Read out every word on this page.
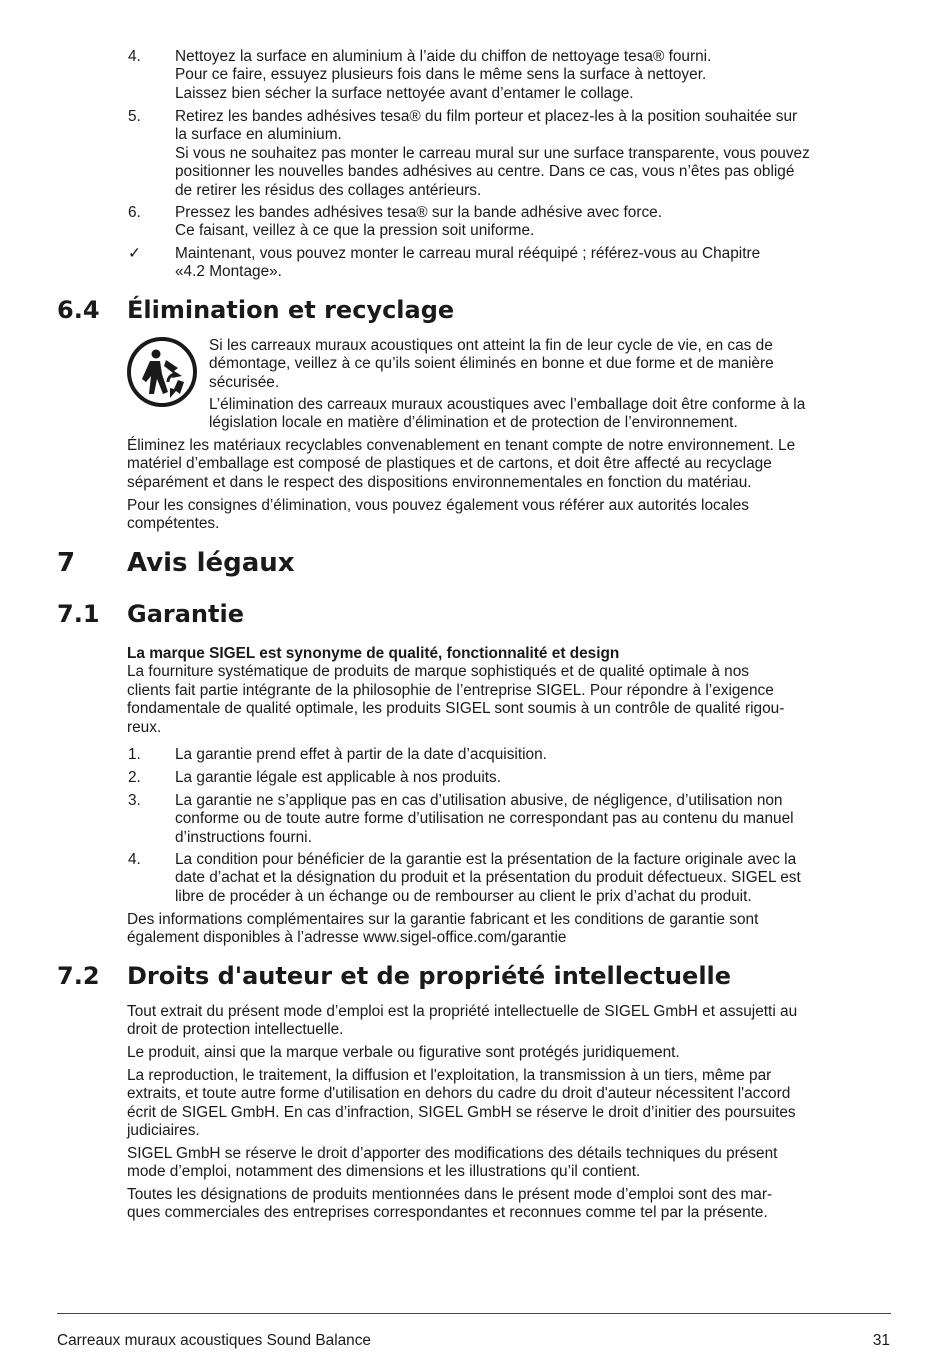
4.	Nettoyez la surface en aluminium à l’aide du chiffon de nettoyage tesa® fourni.
Pour ce faire, essuyez plusieurs fois dans le même sens la surface à nettoyer.
Laissez bien sécher la surface nettoyée avant d’entamer le collage.
5.	Retirez les bandes adhésives tesa® du film porteur et placez-les à la position souhaitée sur
la surface en aluminium.
Si vous ne souhaitez pas monter le carreau mural sur une surface transparente, vous pouvez
positionner les nouvelles bandes adhésives au centre. Dans ce cas, vous n’êtes pas obligé
de retirer les résidus des collages antérieurs.
6.	Pressez les bandes adhésives tesa® sur la bande adhésive avec force.
Ce faisant, veillez à ce que la pression soit uniforme.
✓	Maintenant, vous pouvez monter le carreau mural rééquipé ; référez-vous au Chapitre
«4.2 Montage».
6.4 Élimination et recyclage

Si les carreaux muraux acoustiques ont atteint la fin de leur cycle de vie, en cas de

démontage, veillez à ce qu’ils soient éliminés en bonne et due forme et de manière

sécurisée.

L’élimination des carreaux muraux acoustiques avec l’emballage doit être conforme à la

législation locale en matière d’élimination et de protection de l’environnement.

Éliminez les matériaux recyclables convenablement en tenant compte de notre environnement. Le

matériel d’emballage est composé de plastiques et de cartons, et doit être affecté au recyclage

séparément et dans le respect des dispositions environnementales en fonction du matériau.

Pour les consignes d’élimination, vous pouvez également vous référer aux autorités locales

compétentes.

7 Avis légaux
7.1 Garantie

La marque SIGEL est synonyme de qualité, fonctionnalité et design

La fourniture systématique de produits de marque sophistiqués et de qualité optimale à nos

clients fait partie intégrante de la philosophie de l’entreprise SIGEL. Pour répondre à l’exigence

fondamentale de qualité optimale, les produits SIGEL sont soumis à un contrôle de qualité rigou-

reux.

1.	La garantie prend effet à partir de la date d’acquisition.
2.	La garantie légale est applicable à nos produits.
3.	La garantie ne s’applique pas en cas d’utilisation abusive, de négligence, d’utilisation non
conforme ou de toute autre forme d’utilisation ne correspondant pas au contenu du manuel
d’instructions fourni.
4.	La condition pour bénéficier de la garantie est la présentation de la facture originale avec la
date d’achat et la désignation du produit et la présentation du produit défectueux. SIGEL est
libre de procéder à un échange ou de rembourser au client le prix d’achat du produit.

Des informations complémentaires sur la garantie fabricant et les conditions de garantie sont

également disponibles à l’adresse www.sigel-office.com/garantie

7.2 Droits d'auteur et de propriété intellectuelle

Tout extrait du présent mode d’emploi est la propriété intellectuelle de SIGEL GmbH et assujetti au

droit de protection intellectuelle.

Le produit, ainsi que la marque verbale ou figurative sont protégés juridiquement.

La reproduction, le traitement, la diffusion et l'exploitation, la transmission à un tiers, même par

extraits, et toute autre forme d'utilisation en dehors du cadre du droit d'auteur nécessitent l'accord

écrit de SIGEL GmbH. En cas d’infraction, SIGEL GmbH se réserve le droit d’initier des poursuites

judiciaires.

SIGEL GmbH se réserve le droit d’apporter des modifications des détails techniques du présent

mode d’emploi, notamment des dimensions et les illustrations qu’il contient.

Toutes les désignations de produits mentionnées dans le présent mode d’emploi sont des mar-

ques commerciales des entreprises correspondantes et reconnues comme tel par la présente.

Carreaux muraux acoustiques Sound Balance	31
